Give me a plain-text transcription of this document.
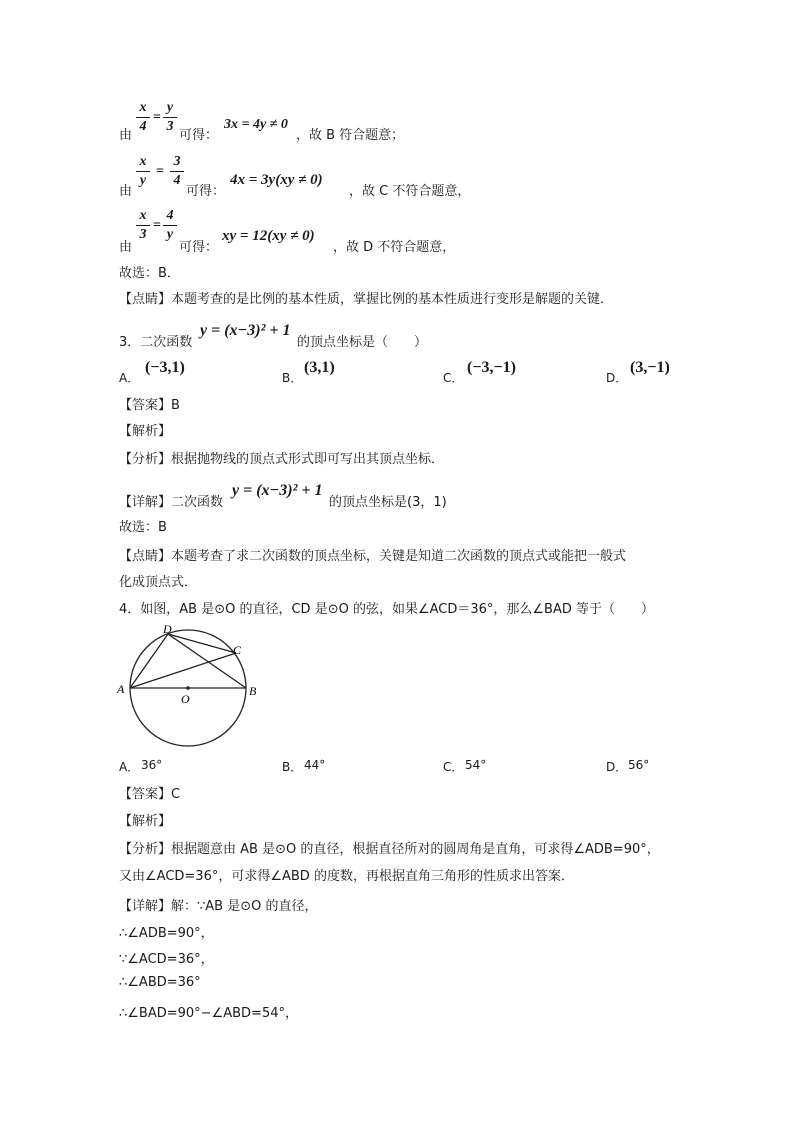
由
x
4
=
y
3
可得：
3x = 4y ≠ 0
，故 B 符合题意；
由
x
y
=
3
4
可得：
4x = 3y(xy ≠ 0)
，故 C 不符合题意，
由
x
3
=
4
y
可得：
xy = 12(xy ≠ 0)
，故 D 不符合题意，
故选：B．
【点睛】本题考查的是比例的基本性质，掌握比例的基本性质进行变形是解题的关键．
3．二次函数
y = (x−3)² + 1
的顶点坐标是（　　）
A．
(−3,1)
B．
(3,1)
C．
(−3,−1)
D．
(3,−1)
【答案】B
【解析】
【分析】根据抛物线的顶点式形式即可写出其顶点坐标．
【详解】二次函数
y = (x−3)² + 1
的顶点坐标是(3，1)
故选：B
【点睛】本题考查了求二次函数的顶点坐标，关键是知道二次函数的顶点式或能把一般式
化成顶点式．
4．如图，AB 是⊙O 的直径，CD 是⊙O 的弦，如果∠ACD＝36°，那么∠BAD 等于（　　）
A	B
C
D
O
A． 36°	B． 44°	C． 54°	D． 56°
【答案】C
【解析】
【分析】根据题意由 AB 是⊙O 的直径，根据直径所对的圆周角是直角，可求得∠ADB=90°，
又由∠ACD=36°，可求得∠ABD 的度数，再根据直角三角形的性质求出答案．
【详解】解：∵AB 是⊙O 的直径，
∴∠ADB=90°，
∵∠ACD=36°，
∴∠ABD=36°
∴∠BAD=90°−∠ABD=54°，
